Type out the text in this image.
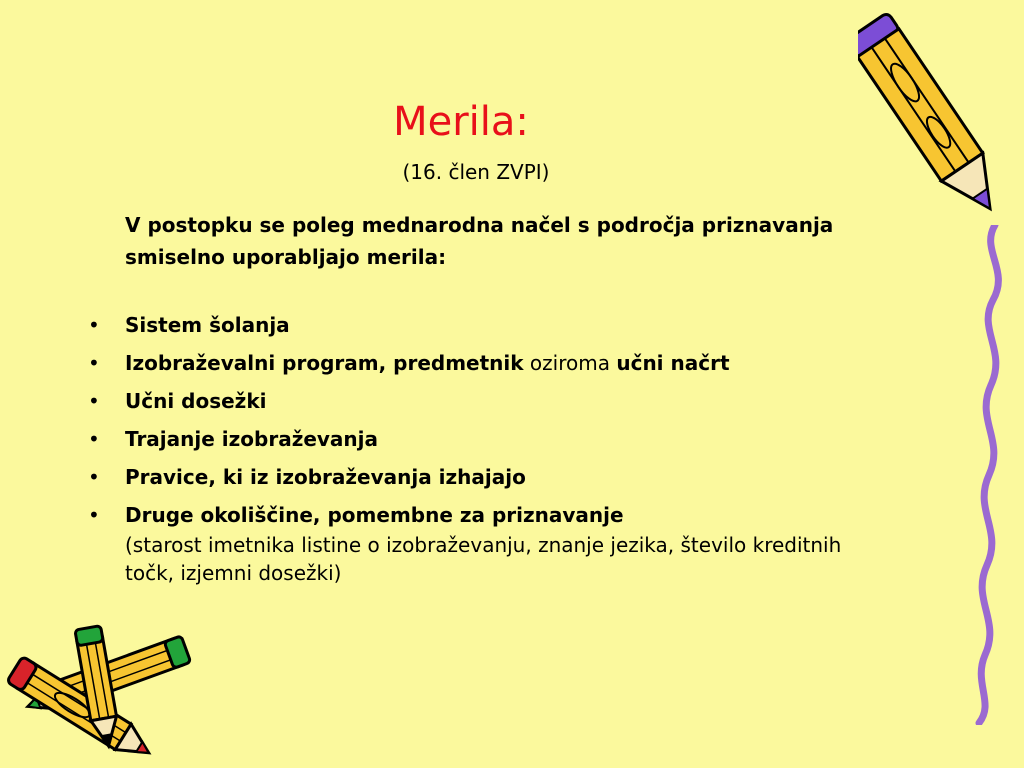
Merila:
(16. člen ZVPI)
V postopku se poleg mednarodna načel s področja priznavanja smiselno uporabljajo merila:
• Sistem šolanja
• Izobraževalni program, predmetnik oziroma učni načrt
• Učni dosežki
• Trajanje izobraževanja
• Pravice, ki iz izobraževanja izhajajo
• Druge okoliščine, pomembne za priznavanje
(starost imetnika listine o izobraževanju, znanje jezika, število kreditnih točk, izjemni dosežki)
